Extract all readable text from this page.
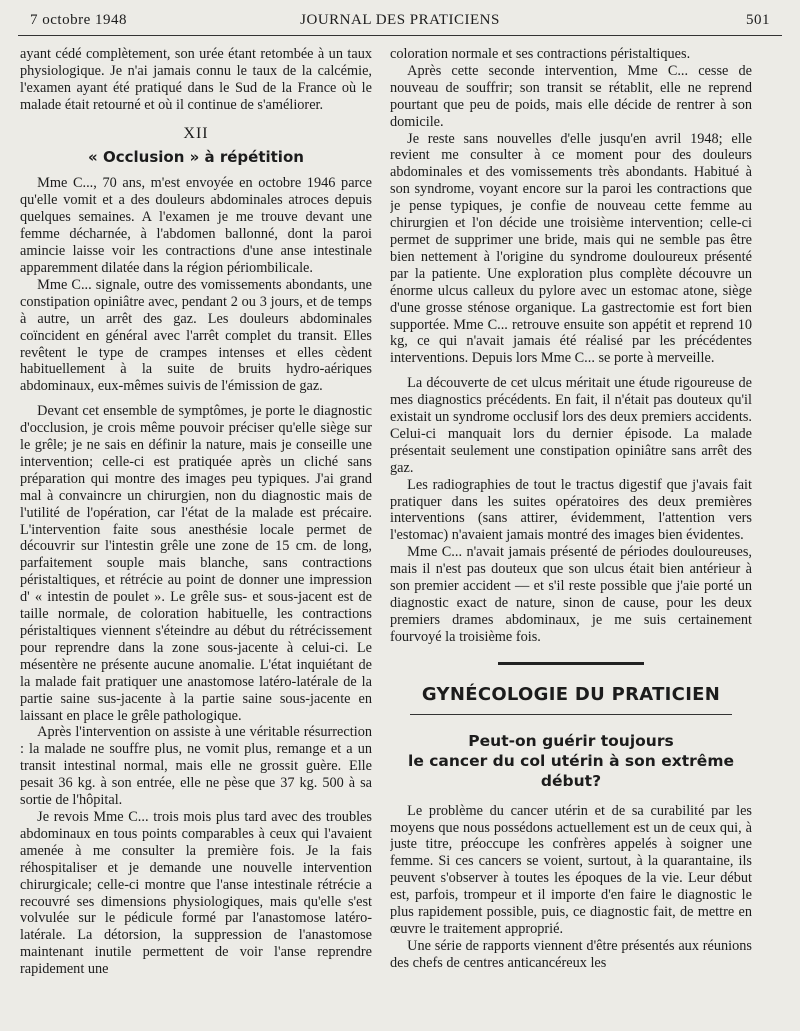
7 octobre 1948	JOURNAL DES PRATICIENS	501

ayant cédé complètement, son urée étant retombée à un taux physiologique. Je n'ai jamais connu le taux de la calcémie, l'examen ayant été pratiqué dans le Sud de la France où le malade était retourné et où il continue de s'améliorer.

XII
« Occlusion » à répétition

Mme C..., 70 ans, m'est envoyée en octobre 1946 parce qu'elle vomit et a des douleurs abdominales atroces depuis quelques semaines. A l'examen je me trouve devant une femme décharnée, à l'abdomen ballonné, dont la paroi amincie laisse voir les contractions d'une anse intestinale apparemment dilatée dans la région périombilicale.

Mme C... signale, outre des vomissements abondants, une constipation opiniâtre avec, pendant 2 ou 3 jours, et de temps à autre, un arrêt des gaz. Les douleurs abdominales coïncident en général avec l'arrêt complet du transit. Elles revêtent le type de crampes intenses et elles cèdent habituellement à la suite de bruits hydro-aériques abdominaux, eux-mêmes suivis de l'émission de gaz.

Devant cet ensemble de symptômes, je porte le diagnostic d'occlusion, je crois même pouvoir préciser qu'elle siège sur le grêle; je ne sais en définir la nature, mais je conseille une intervention; celle-ci est pratiquée après un cliché sans préparation qui montre des images peu typiques. J'ai grand mal à convaincre un chirurgien, non du diagnostic mais de l'utilité de l'opération, car l'état de la malade est précaire. L'intervention faite sous anesthésie locale permet de découvrir sur l'intestin grêle une zone de 15 cm. de long, parfaitement souple mais blanche, sans contractions péristaltiques, et rétrécie au point de donner une impression d' « intestin de poulet ». Le grêle sus- et sous-jacent est de taille normale, de coloration habituelle, les contractions péristaltiques viennent s'éteindre au début du rétrécissement pour reprendre dans la zone sous-jacente à celui-ci. Le mésentère ne présente aucune anomalie. L'état inquiétant de la malade fait pratiquer une anastomose latéro-latérale de la partie saine sus-jacente à la partie saine sous-jacente en laissant en place le grêle pathologique.

Après l'intervention on assiste à une véritable résurrection : la malade ne souffre plus, ne vomit plus, remange et a un transit intestinal normal, mais elle ne grossit guère. Elle pesait 36 kg. à son entrée, elle ne pèse que 37 kg. 500 à sa sortie de l'hôpital.

Je revois Mme C... trois mois plus tard avec des troubles abdominaux en tous points comparables à ceux qui l'avaient amenée à me consulter la première fois. Je la fais réhospitaliser et je demande une nouvelle intervention chirurgicale; celle-ci montre que l'anse intestinale rétrécie a recouvré ses dimensions physiologiques, mais qu'elle s'est volvulée sur le pédicule formé par l'anastomose latéro-latérale. La détorsion, la suppression de l'anastomose maintenant inutile permettent de voir l'anse reprendre rapidement une

coloration normale et ses contractions péristaltiques.

Après cette seconde intervention, Mme C... cesse de nouveau de souffrir; son transit se rétablit, elle ne reprend pourtant que peu de poids, mais elle décide de rentrer à son domicile.

Je reste sans nouvelles d'elle jusqu'en avril 1948; elle revient me consulter à ce moment pour des douleurs abdominales et des vomissements très abondants. Habitué à son syndrome, voyant encore sur la paroi les contractions que je pense typiques, je confie de nouveau cette femme au chirurgien et l'on décide une troisième intervention; celle-ci permet de supprimer une bride, mais qui ne semble pas être bien nettement à l'origine du syndrome douloureux présenté par la patiente. Une exploration plus complète découvre un énorme ulcus calleux du pylore avec un estomac atone, siège d'une grosse sténose organique. La gastrectomie est fort bien supportée. Mme C... retrouve ensuite son appétit et reprend 10 kg, ce qui n'avait jamais été réalisé par les précédentes interventions. Depuis lors Mme C... se porte à merveille.

La découverte de cet ulcus méritait une étude rigoureuse de mes diagnostics précédents. En fait, il n'était pas douteux qu'il existait un syndrome occlusif lors des deux premiers accidents. Celui-ci manquait lors du dernier épisode. La malade présentait seulement une constipation opiniâtre sans arrêt des gaz.

Les radiographies de tout le tractus digestif que j'avais fait pratiquer dans les suites opératoires des deux premières interventions (sans attirer, évidemment, l'attention vers l'estomac) n'avaient jamais montré des images bien évidentes.

Mme C... n'avait jamais présenté de périodes douloureuses, mais il n'est pas douteux que son ulcus était bien antérieur à son premier accident — et s'il reste possible que j'aie porté un diagnostic exact de nature, sinon de cause, pour les deux premiers drames abdominaux, je me suis certainement fourvoyé la troisième fois.

GYNÉCOLOGIE DU PRATICIEN
Peut-on guérir toujours
le cancer du col utérin à son extrême début?

Le problème du cancer utérin et de sa curabilité par les moyens que nous possédons actuellement est un de ceux qui, à juste titre, préoccupe les confrères appelés à soigner une femme. Si ces cancers se voient, surtout, à la quarantaine, ils peuvent s'observer à toutes les époques de la vie. Leur début est, parfois, trompeur et il importe d'en faire le diagnostic le plus rapidement possible, puis, ce diagnostic fait, de mettre en œuvre le traitement approprié.

Une série de rapports viennent d'être présentés aux réunions des chefs de centres anticancéreux les
